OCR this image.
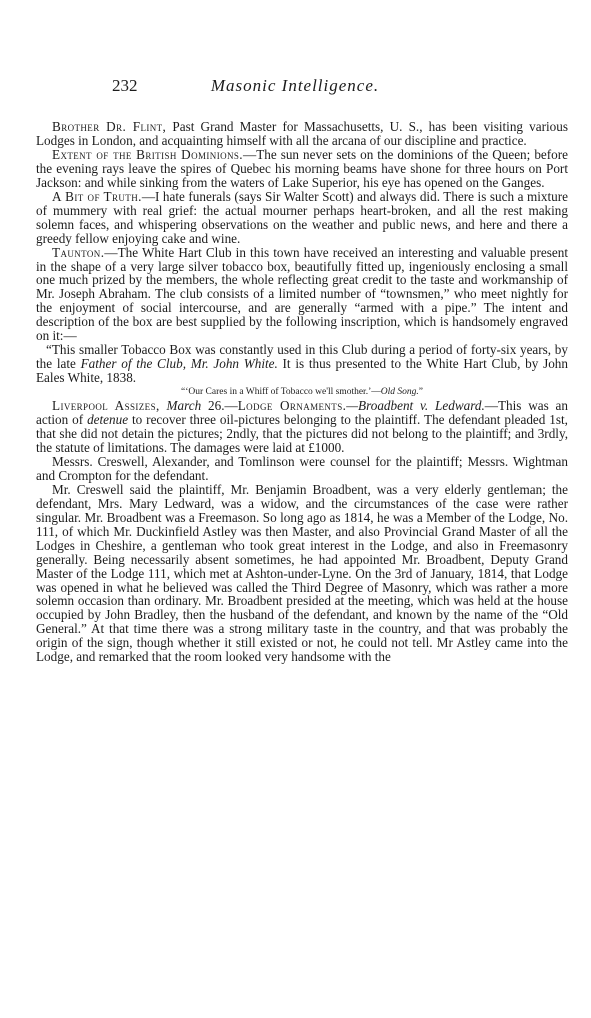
232	Masonic Intelligence.

Brother Dr. Flint, Past Grand Master for Massachusetts, U. S., has been visiting various Lodges in London, and acquainting himself with all the arcana of our discipline and practice.

Extent of the British Dominions.—The sun never sets on the dominions of the Queen; before the evening rays leave the spires of Quebec his morning beams have shone for three hours on Port Jackson: and while sinking from the waters of Lake Superior, his eye has opened on the Ganges.

A Bit of Truth.—I hate funerals (says Sir Walter Scott) and always did. There is such a mixture of mummery with real grief: the actual mourner perhaps heart-broken, and all the rest making solemn faces, and whispering observations on the weather and public news, and here and there a greedy fellow enjoying cake and wine.

Taunton.—The White Hart Club in this town have received an interesting and valuable present in the shape of a very large silver tobacco box, beautifully fitted up, ingeniously enclosing a small one much prized by the members, the whole reflecting great credit to the taste and workmanship of Mr. Joseph Abraham. The club consists of a limited number of “townsmen,” who meet nightly for the enjoyment of social intercourse, and are generally “armed with a pipe.” The intent and description of the box are best supplied by the following inscription, which is handsomely engraved on it:—

“This smaller Tobacco Box was constantly used in this Club during a period of forty-six years, by the late Father of the Club, Mr. John White. It is thus presented to the White Hart Club, by John Eales White, 1838.

“‘Our Cares in a Whiff of Tobacco we'll smother.’—Old Song.”

Liverpool Assizes, March 26.—Lodge Ornaments.—Broadbent v. Ledward.—This was an action of detenue to recover three oil-pictures belonging to the plaintiff. The defendant pleaded 1st, that she did not detain the pictures; 2ndly, that the pictures did not belong to the plaintiff; and 3rdly, the statute of limitations. The damages were laid at £1000.

Messrs. Creswell, Alexander, and Tomlinson were counsel for the plaintiff; Messrs. Wightman and Crompton for the defendant.

Mr. Creswell said the plaintiff, Mr. Benjamin Broadbent, was a very elderly gentleman; the defendant, Mrs. Mary Ledward, was a widow, and the circumstances of the case were rather singular. Mr. Broadbent was a Freemason. So long ago as 1814, he was a Member of the Lodge, No. 111, of which Mr. Duckinfield Astley was then Master, and also Provincial Grand Master of all the Lodges in Cheshire, a gentleman who took great interest in the Lodge, and also in Freemasonry generally. Being necessarily absent sometimes, he had appointed Mr. Broadbent, Deputy Grand Master of the Lodge 111, which met at Ashton-under-Lyne. On the 3rd of January, 1814, that Lodge was opened in what he believed was called the Third Degree of Masonry, which was rather a more solemn occasion than ordinary. Mr. Broadbent presided at the meeting, which was held at the house occupied by John Bradley, then the husband of the defendant, and known by the name of the “Old General.” At that time there was a strong military taste in the country, and that was probably the origin of the sign, though whether it still existed or not, he could not tell. Mr Astley came into the Lodge, and remarked that the room looked very handsome with the
